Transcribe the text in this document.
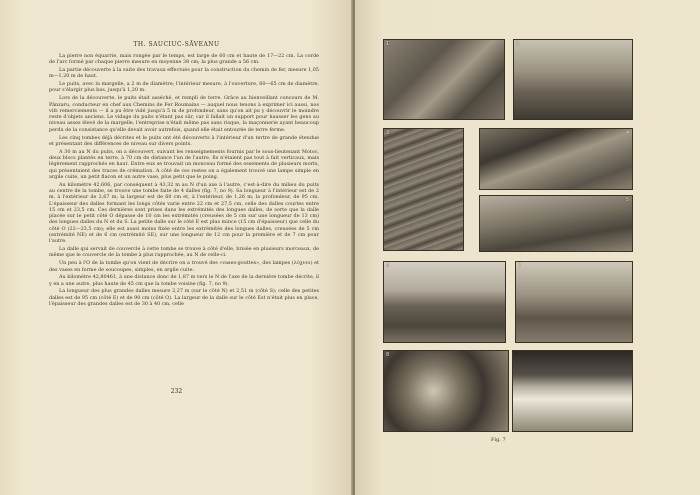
TH. SAUCIUC-SĂVEANU

La pierre non équarrie, mais rongée par le temps, est large de 60 cm et haute de 17—22 cm. La corde de l'arc formé par chaque pierre mesure en moyenne 38 cm; la plus grande a 56 cm.

La partie découverte à la suite des travaux effectués pour la construction du chemin de fer, mesure 1,05 m—1,20 m de haut.

Le puits, avec la margelle, a 2 m de diamètre; l'intérieur mesure, à l'ouverture, 60—65 cm de diamètre, pour s'élargir plus bas, jusqu'à 1,20 m.

Lors de la découverte, le puits était asséché, et rempli de terre. Grâce au bienveillant concours de M. Pânzaru, conducteur en chef aux Chemins de Fer Roumains — auquel nous tenons à exprimer ici aussi, nos vifs remerciements — il a pu être vidé jusqu'à 5 m de profondeur, sans qu'on ait pu y découvrir le moindre reste d'objets anciens. Le vidage du puits n'étant pas sûr, car il fallait un support pour hausser les gens au niveau assez élevé de la margelle, l'entreprise n'était même pas sans risque, la maçonnerie ayant beaucoup perdu de la consistance qu'elle devait avoir autrefois, quand elle était entourée de terre ferme.

Les cinq tombes déjà décrites et le puits ont été découverts à l'intérieur d'un tertre de grande étendue et présentant des différences de niveau sur divers points.

A 30 m au N du puits, on a découvert, suivant les renseignements fournis par le sous-lieutenant Motoc, deux blocs plantés en terre, à 70 cm de distance l'un de l'autre. Ils n'étaient pas tout à fait verticaux, mais légèrement rapprochés en haut. Entre eux se trouvait un monceau formé des ossements de plusieurs morts, qui présentaient des traces de crémation. A côté de ces restes on a également trouvé une lampe simple en argile cuite, un petit flacon et un autre vase, plus petit que le poing.

Au kilomètre 42,606, par conséquent à 43,32 m au N d'un axe à l'autre, c'est-à-dire du milieu du puits au centre de la tombe, se trouve une tombe faite de 4 dalles (fig. 7, no 9). Sa longueur à l'intérieur est de 2 m, à l'extérieur de 2,67 m; la largeur est de 60 cm et, à l'extérieur, de 1,26 m; la profondeur, de 95 cm. L'épaisseur des dalles formant les longs côtés varie entre 22 cm et 27,5 cm, celle des dalles courtes entre 15 cm et 23,5 cm. Ces dernières sont prises dans les extrémités des longues dalles, de sorte que la dalle placée sur le petit côté O dépasse de 10 cm les extrémités (creusées de 5 cm sur une longueur de 13 cm) des longues dalles du N et du S. La petite dalle sur le côté E est plus mince (15 cm d'épaisseur) que celle du côté O (22—23,5 cm); elle est aussi moins fixée entre les extrémités des longues dalles, creusées de 5 cm (extrémité NE) et de 6 cm (extrémité SE), sur une longueur de 12 cm pour la première et de 7 cm pour l'autre.

La dalle qui servait de couvercle à cette tombe se trouve à côté d'elle, brisée en plusieurs morceaux, de même que le couvercle de la tombe à plus rapprochée, au N de celle-ci.

Un peu à l'O de la tombe qu'on vient de décrire on a trouvé des «vases-gouttes», des lampes (λύχνοι) et des vases en forme de soucoupes, simples, en argile cuite.

Au kilomètre 42,80461, à une distance donc de 1,87 m vers le N de l'axe de la dernière tombe décrite, il y en a une autre, plus haute de 45 cm que la tombe voisine (fig. 7, no 9).

La longueur des plus grandes dalles mesure 2,27 m (sur le côté N) et 2,51 m (côté S); celle des petites dalles est de 95 cm (côté E) et de 90 cm (côté O). La largeur de la dalle sur le côté Est n'était plus en place, l'épaisseur des grandes dalles est de 30 à 40 cm, celle

232
1	2
3	4
5
6	7
8	9
Fig. 7
